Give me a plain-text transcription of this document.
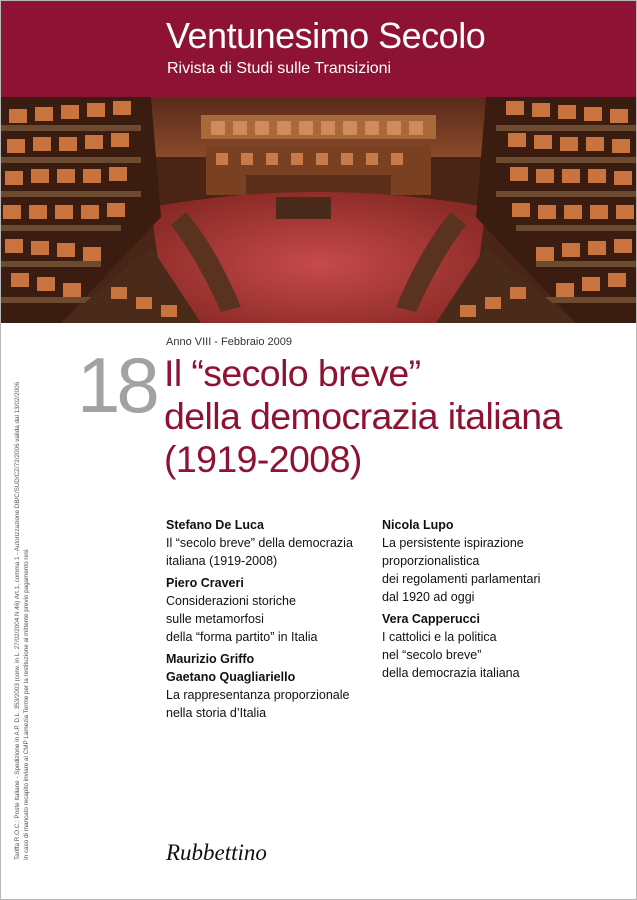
Ventunesimo Secolo
Rivista di Studi sulle Transizioni
Anno VIII - Febbraio 2009
18 Il “secolo breve”
della democrazia italiana
(1919-2008)
Stefano De Luca
Il “secolo breve” della democrazia
italiana (1919-2008)
Piero Craveri
Considerazioni storiche
sulle metamorfosi
della “forma partito” in Italia
Maurizio Griffo
Gaetano Quagliariello
La rappresentanza proporzionale
nella storia d’Italia
Nicola Lupo
La persistente ispirazione
proporzionalistica
dei regolamenti parlamentari
dal 1920 ad oggi
Vera Capperucci
I cattolici e la politica
nel “secolo breve”
della democrazia italiana
Tariffa R.O.C.: Poste Italiane - Spedizione in A.P. D.L. 353/2003 (conv. in L. 27/02/2004 N.46) Art.1, comma 1 - Autorizzazione DB/C/SUD/CZ/72/2006 valida dal 13/02/2006 In caso di mancato recapito inviare al CMP Lamezia Terme per la restituzione al mittente previo pagamento resi	Rubbettino
